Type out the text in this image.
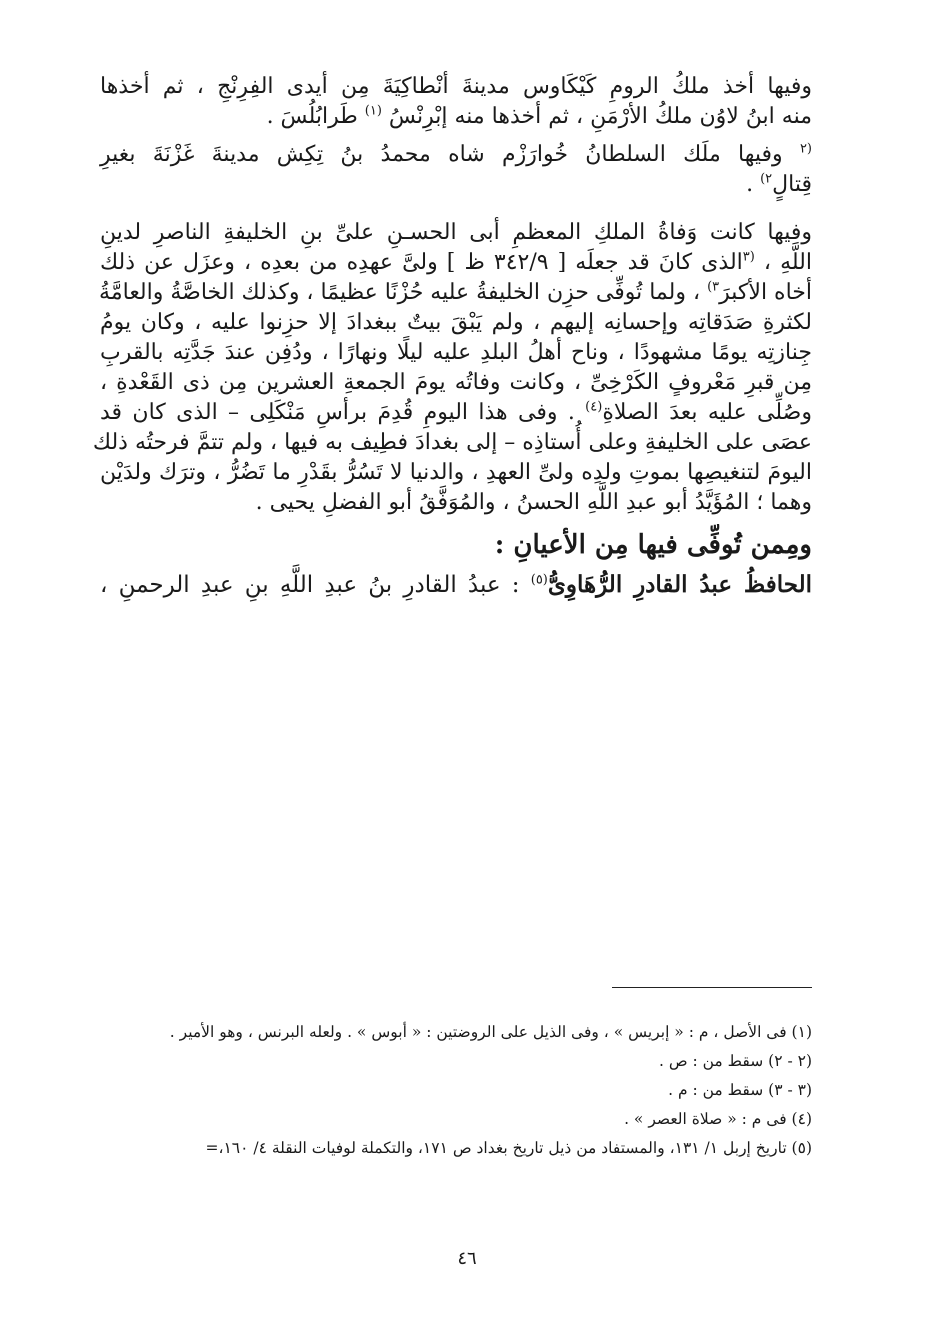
وفيها أخذ ملكُ الرومِ كَيْكَاوس مدينةَ أنْطاكِيَةَ مِن أيدى الفِرِنْجِ ، ثم أخذها
منه ابنُ لاوُن ملكُ الأرْمَنِ ، ثم أخذها منه إبْرِنْسُ $^{(١)}$ طَرابُلُسَ .
$^{(٢}$ وفيها ملَك السلطانُ خُوارَزْم شاه محمدُ بنُ تِكِش مدينةَ غَزْنَةَ بغيرِ
قِتالٍ$^{٢)}$ .
وفيها كانت وَفاةُ الملكِ المعظمِ أبى الحسـنِ علىِّ بنِ الخليفةِ الناصرِ لدينِ
اللَّهِ ، $^{(٣}$الذى كانَ قد جعلَه [ ٣٤٢/٩ ظ ] ولىَّ عهدِه من بعدِه ، وعزَل عن ذلك
أخاه الأكبرَ$^{٣)}$ ، ولما تُوفِّى حزِن الخليفةُ عليه حُزْنًا عظيمًا ، وكذلك الخاصَّةُ والعامَّةُ
لكثرةِ صَدَقاتِه وإحسانِه إليهم ، ولم يَبْقَ بيتٌ ببغدادَ إلا حزِنوا عليه ، وكان يومُ
جِنازتِه يومًا مشهودًا ، وناح أهلُ البلدِ عليه ليلًا ونهارًا ، ودُفِن عندَ جَدَّتِه بالقربِ
مِن قبرِ مَعْروفٍ الكَرْخِىِّ ، وكانت وفاتُه يومَ الجمعةِ العشرين مِن ذى القَعْدةِ ،
وصُلِّى عليه بعدَ الصلاةِ$^{(٤)}$ . وفى هذا اليومِ قُدِمَ برأسِ مَنْكَلِى – الذى كان قد
عصَى على الخليفةِ وعلى أُستاذِه – إلى بغدادَ فطِيف به فيها ، ولم تتمَّ فرحتُه ذلك
اليومَ لتنغيصِها بموتِ ولدِه ولىِّ العهدِ ، والدنيا لا تَسُرُّ بقَدْرِ ما تَضُرُّ ، وترَك ولدَيْن
وهما ؛ المُؤَيَّدُ أبو عبدِ اللَّهِ الحسنُ ، والمُوَفَّقُ أبو الفضلِ يحيى .
ومِمن تُوفِّى فيها مِن الأعيانِ :
الحافظُ عبدُ القادرِ الرُّهَاوِىُّ$^{(٥)}$ : عبدُ القادرِ بنُ عبدِ اللَّهِ بنِ عبدِ الرحمنِ ،
(١) فى الأصل ، م : « إبريس » ، وفى الذيل على الروضتين : « أبوس » . ولعله البرنس ، وهو الأمير .
(٢ - ٢) سقط من : ص .
(٣ - ٣) سقط من : م .
(٤) فى م : « صلاة العصر » .
(٥) تاريخ إربل ١/ ١٣١، والمستفاد من ذيل تاريخ بغداد ص ١٧١، والتكملة لوفيات النقلة ٤/ ١٦٠،=
٤٦
